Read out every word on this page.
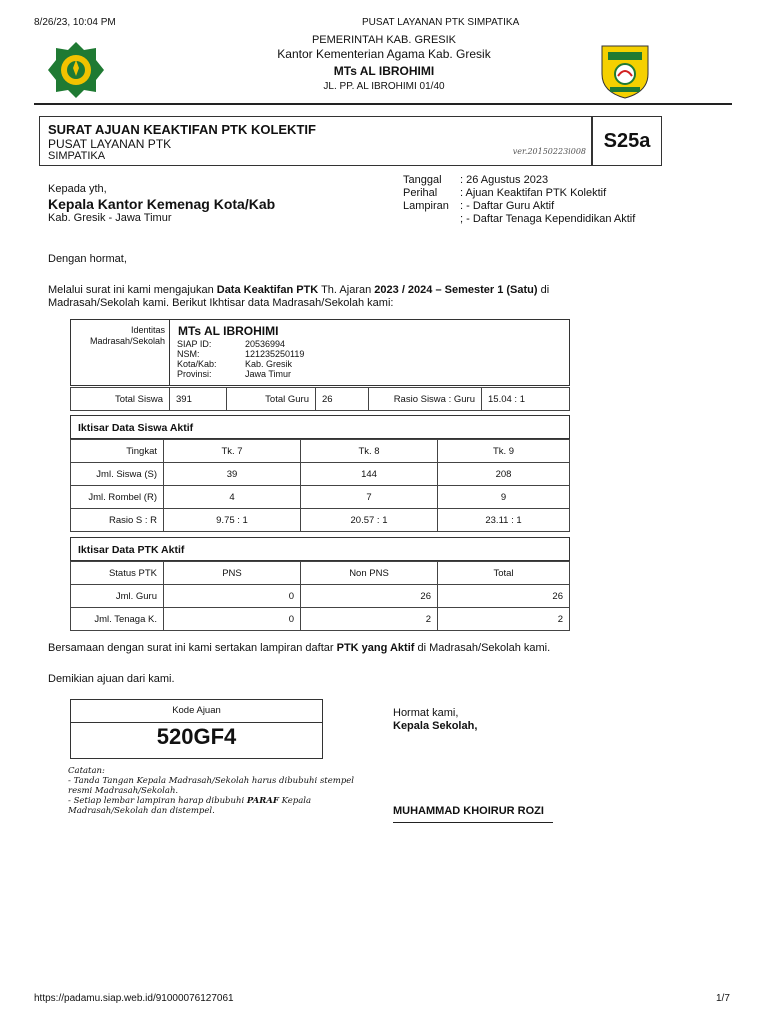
8/26/23, 10:04 PM	PUSAT LAYANAN PTK SIMPATIKA
PEMERINTAH KAB. GRESIK
Kantor Kementerian Agama Kab. Gresik
MTs AL IBROHIMI
JL. PP. AL IBROHIMI 01/40
SURAT AJUAN KEAKTIFAN PTK KOLEKTIF
PUSAT LAYANAN PTK
SIMPATIKA	ver.20150223i008 S25a
Kepada yth,
Kepala Kantor Kemenag Kota/Kab
Kab. Gresik - Jawa Timur
Tanggal	: 26 Agustus 2023
Perihal	: Ajuan Keaktifan PTK Kolektif
Lampiran	: - Daftar Guru Aktif
; - Daftar Tenaga Kependidikan Aktif
Dengan hormat,
Melalui surat ini kami mengajukan Data Keaktifan PTK Th. Ajaran 2023 / 2024 – Semester 1 (Satu) di
Madrasah/Sekolah kami. Berikut Ikhtisar data Madrasah/Sekolah kami:
Identitas
Madrasah/Sekolah
MTs AL IBROHIMI
SIAP ID:	20536994
NSM:	121235250119
Kota/Kab:	Kab. Gresik
Provinsi:	Jawa Timur
Total Siswa	391	Total Guru	26	Rasio Siswa : Guru	15.04 : 1
Iktisar Data Siswa Aktif
Tingkat	Tk. 7	Tk. 8	Tk. 9
Jml. Siswa (S)	39	144	208
Jml. Rombel (R)	4	7	9
Rasio S : R	9.75 : 1	20.57 : 1	23.11 : 1
Iktisar Data PTK Aktif
Status PTK	PNS	Non PNS	Total
Jml. Guru	0	26	26
Jml. Tenaga K.	0	2	2
Bersamaan dengan surat ini kami sertakan lampiran daftar PTK yang Aktif di Madrasah/Sekolah kami.
Demikian ajuan dari kami.
Kode Ajuan
520GF4
Catatan:
- Tanda Tangan Kepala Madrasah/Sekolah harus dibubuhi stempel
resmi Madrasah/Sekolah.
- Setiap lembar lampiran harap dibubuhi PARAF Kepala
Madrasah/Sekolah dan distempel.
Hormat kami,
Kepala Sekolah,
MUHAMMAD KHOIRUR ROZI
https://padamu.siap.web.id/91000076127061	1/7
